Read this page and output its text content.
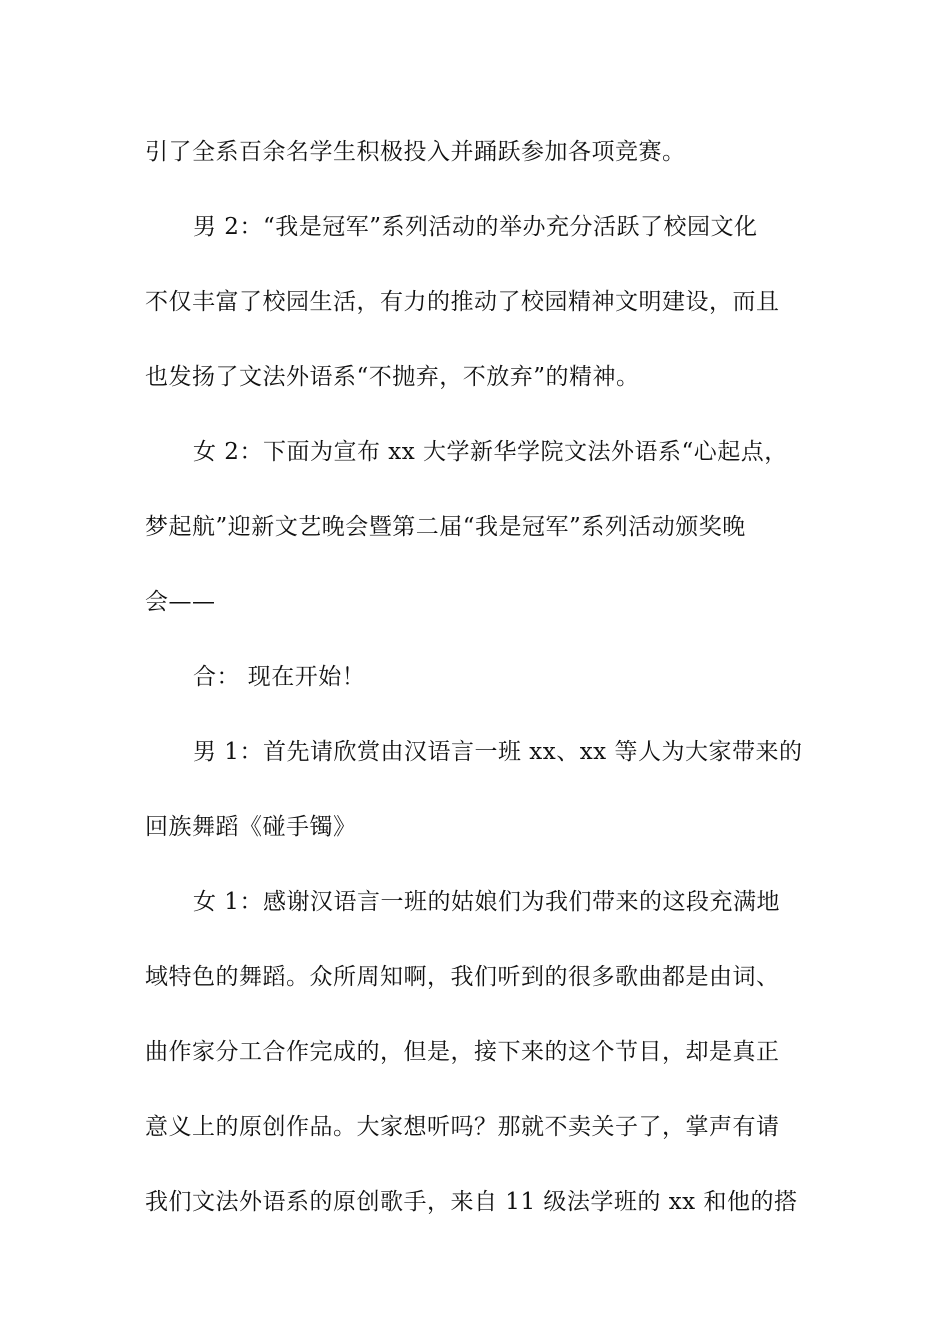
引了全系百余名学生积极投入并踊跃参加各项竞赛。
男 2：“我是冠军”系列活动的举办充分活跃了校园文化
不仅丰富了校园生活，有力的推动了校园精神文明建设，而且
也发扬了文法外语系“不抛弃，不放弃”的精神。
女 2：下面为宣布 xx 大学新华学院文法外语系“心起点，
梦起航”迎新文艺晚会暨第二届“我是冠军”系列活动颁奖晚
会——
合： 现在开始！
男 1：首先请欣赏由汉语言一班 xx、xx 等人为大家带来的
回族舞蹈《碰手镯》
女 1：感谢汉语言一班的姑娘们为我们带来的这段充满地
域特色的舞蹈。众所周知啊，我们听到的很多歌曲都是由词、
曲作家分工合作完成的，但是，接下来的这个节目，却是真正
意义上的原创作品。大家想听吗？那就不卖关子了，掌声有请
我们文法外语系的原创歌手，来自 11 级法学班的 xx 和他的搭
